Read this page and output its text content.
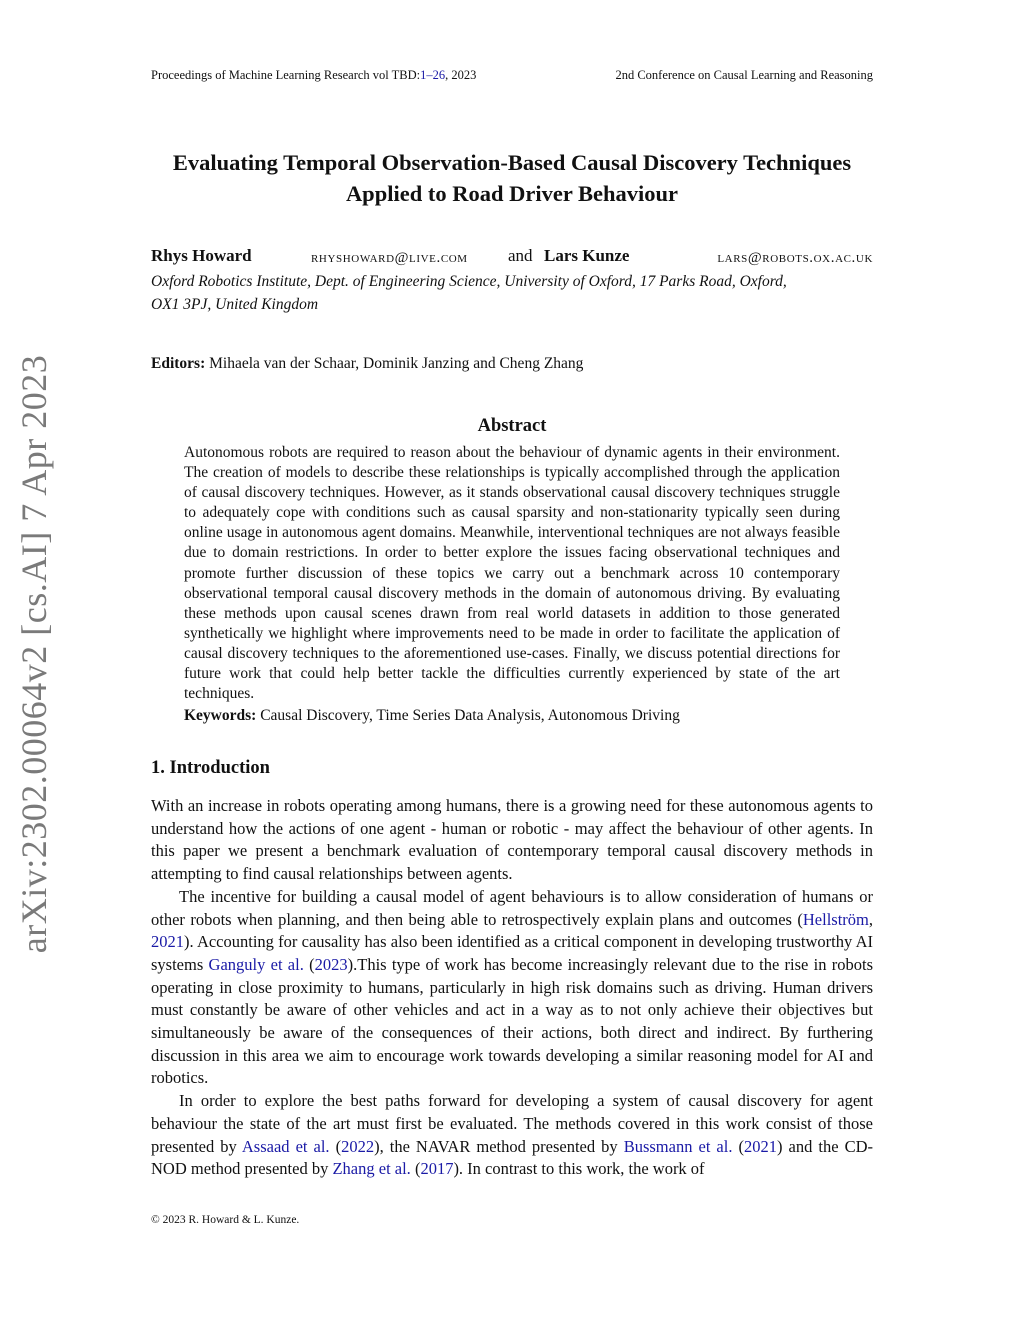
Proceedings of Machine Learning Research vol TBD:1–26, 2023	2nd Conference on Causal Learning and Reasoning
arXiv:2302.00064v2 [cs.AI] 7 Apr 2023
Evaluating Temporal Observation-Based Causal Discovery Techniques
Applied to Road Driver Behaviour
Rhys Howard	rhyshoward@live.com and Lars Kunze	lars@robots.ox.ac.uk
Oxford Robotics Institute, Dept. of Engineering Science, University of Oxford, 17 Parks Road, Oxford,
OX1 3PJ, United Kingdom
Editors: Mihaela van der Schaar, Dominik Janzing and Cheng Zhang
Abstract

Autonomous robots are required to reason about the behaviour of dynamic agents in their environment. The creation of models to describe these relationships is typically accomplished through the application of causal discovery techniques. However, as it stands observational causal discovery techniques struggle to adequately cope with conditions such as causal sparsity and non-stationarity typically seen during online usage in autonomous agent domains. Meanwhile, interventional techniques are not always feasible due to domain restrictions. In order to better explore the issues facing observational techniques and promote further discussion of these topics we carry out a benchmark across 10 contemporary observational temporal causal discovery methods in the domain of autonomous driving. By evaluating these methods upon causal scenes drawn from real world datasets in addition to those generated synthetically we highlight where improvements need to be made in order to facilitate the application of causal discovery techniques to the aforementioned use-cases. Finally, we discuss potential directions for future work that could help better tackle the difficulties currently experienced by state of the art techniques.

Keywords: Causal Discovery, Time Series Data Analysis, Autonomous Driving
1. Introduction

With an increase in robots operating among humans, there is a growing need for these autonomous agents to understand how the actions of one agent - human or robotic - may affect the behaviour of other agents. In this paper we present a benchmark evaluation of contemporary temporal causal discovery methods in attempting to find causal relationships between agents.

The incentive for building a causal model of agent behaviours is to allow consideration of humans or other robots when planning, and then being able to retrospectively explain plans and outcomes (Hellström, 2021). Accounting for causality has also been identified as a critical component in developing trustworthy AI systems Ganguly et al. (2023).This type of work has become increasingly relevant due to the rise in robots operating in close proximity to humans, particularly in high risk domains such as driving. Human drivers must constantly be aware of other vehicles and act in a way as to not only achieve their objectives but simultaneously be aware of the consequences of their actions, both direct and indirect. By furthering discussion in this area we aim to encourage work towards developing a similar reasoning model for AI and robotics.

In order to explore the best paths forward for developing a system of causal discovery for agent behaviour the state of the art must first be evaluated. The methods covered in this work consist of those presented by Assaad et al. (2022), the NAVAR method presented by Bussmann et al. (2021) and the CD-NOD method presented by Zhang et al. (2017). In contrast to this work, the work of

© 2023 R. Howard & L. Kunze.
